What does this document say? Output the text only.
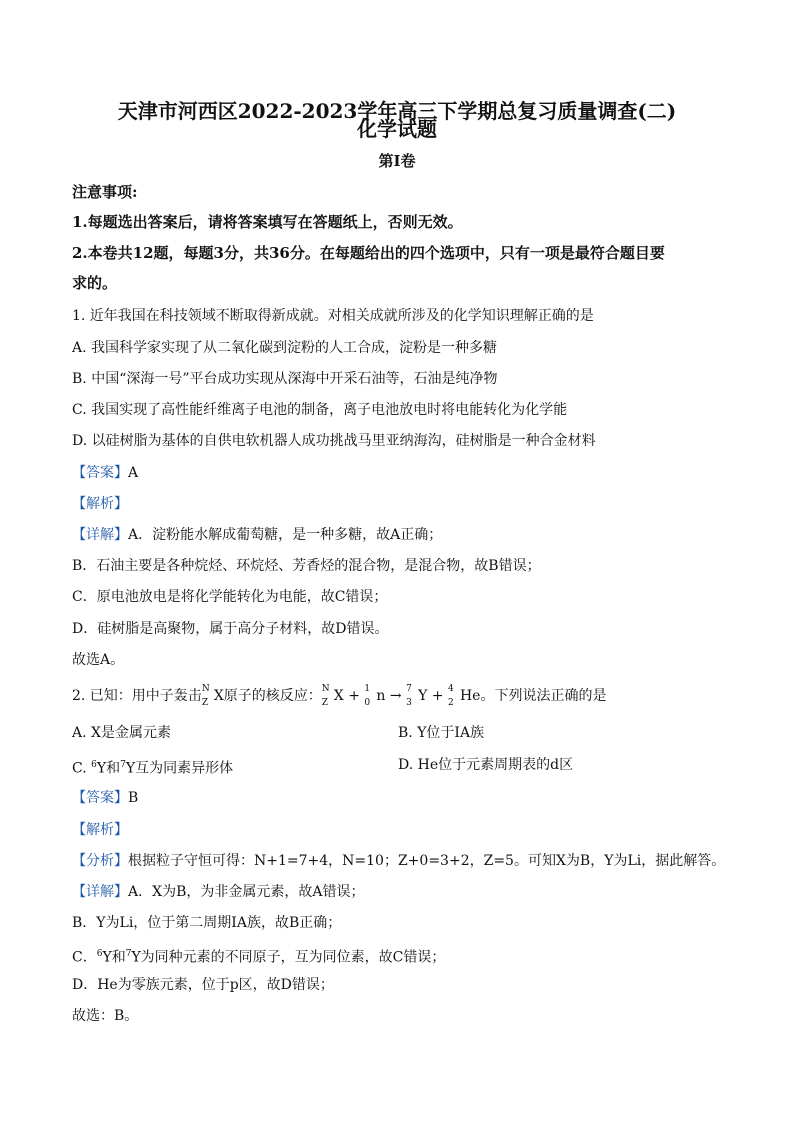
天津市河西区2022-2023学年高三下学期总复习质量调查(二)
化学试题
第I卷
注意事项:
1.每题选出答案后，请将答案填写在答题纸上，否则无效。
2.本卷共12题，每题3分，共36分。在每题给出的四个选项中，只有一项是最符合题目要
求的。
1. 近年我国在科技领域不断取得新成就。对相关成就所涉及的化学知识理解正确的是
A. 我国科学家实现了从二氧化碳到淀粉的人工合成，淀粉是一种多糖
B. 中国“深海一号”平台成功实现从深海中开采石油等，石油是纯净物
C. 我国实现了高性能纤维离子电池的制备，离子电池放电时将电能转化为化学能
D. 以硅树脂为基体的自供电软机器人成功挑战马里亚纳海沟，硅树脂是一种合金材料
【答案】A
【解析】
【详解】A．淀粉能水解成葡萄糖，是一种多糖，故A正确；
B．石油主要是各种烷烃、环烷烃、芳香烃的混合物，是混合物，故B错误；
C．原电池放电是将化学能转化为电能，故C错误；
D．硅树脂是高聚物，属于高分子材料，故D错误。
故选A。
2. 已知：用中子轰击 N
Z X原子的核反应： N
Z X + 1
0 n → 7
3 Y + 4
2 He。下列说法正确的是
A. X是金属元素	B. Y位于ⅠA族
C. $^6$Y和$^7$Y互为同素异形体	D. He位于元素周期表的d区
【答案】B
【解析】
【分析】根据粒子守恒可得：N+1=7+4，N=10；Z+0=3+2，Z=5。可知X为B，Y为Li，据此解答。
【详解】A．X为B，为非金属元素，故A错误；
B．Y为Li，位于第二周期ⅠA族，故B正确；
C．$^6$Y和$^7$Y为同种元素的不同原子，互为同位素，故C错误；
D．He为零族元素，位于p区，故D错误；
故选：B。
